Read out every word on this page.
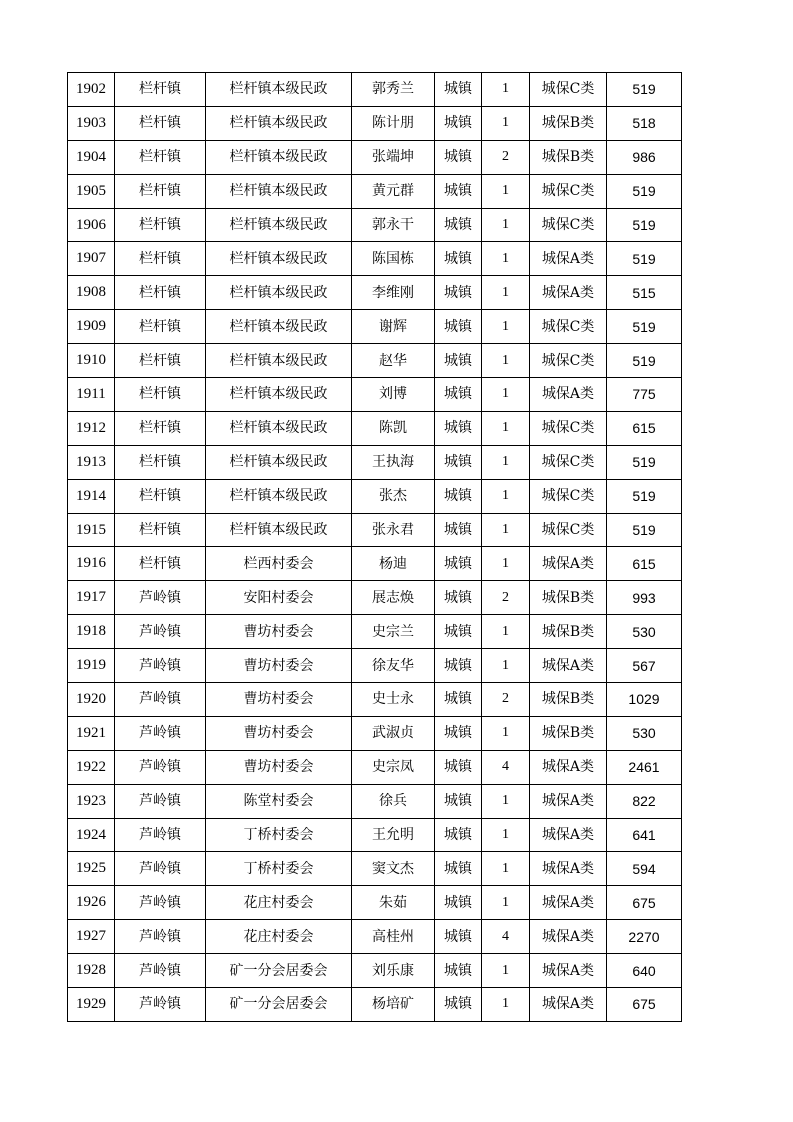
1902	栏杆镇	栏杆镇本级民政	郭秀兰	城镇	1	城保C类	519
1903	栏杆镇	栏杆镇本级民政	陈计朋	城镇	1	城保B类	518
1904	栏杆镇	栏杆镇本级民政	张端坤	城镇	2	城保B类	986
1905	栏杆镇	栏杆镇本级民政	黄元群	城镇	1	城保C类	519
1906	栏杆镇	栏杆镇本级民政	郭永干	城镇	1	城保C类	519
1907	栏杆镇	栏杆镇本级民政	陈国栋	城镇	1	城保A类	519
1908	栏杆镇	栏杆镇本级民政	李维刚	城镇	1	城保A类	515
1909	栏杆镇	栏杆镇本级民政	谢辉	城镇	1	城保C类	519
1910	栏杆镇	栏杆镇本级民政	赵华	城镇	1	城保C类	519
1911	栏杆镇	栏杆镇本级民政	刘博	城镇	1	城保A类	775
1912	栏杆镇	栏杆镇本级民政	陈凯	城镇	1	城保C类	615
1913	栏杆镇	栏杆镇本级民政	王执海	城镇	1	城保C类	519
1914	栏杆镇	栏杆镇本级民政	张杰	城镇	1	城保C类	519
1915	栏杆镇	栏杆镇本级民政	张永君	城镇	1	城保C类	519
1916	栏杆镇	栏西村委会	杨迪	城镇	1	城保A类	615
1917	芦岭镇	安阳村委会	展志焕	城镇	2	城保B类	993
1918	芦岭镇	曹坊村委会	史宗兰	城镇	1	城保B类	530
1919	芦岭镇	曹坊村委会	徐友华	城镇	1	城保A类	567
1920	芦岭镇	曹坊村委会	史士永	城镇	2	城保B类	1029
1921	芦岭镇	曹坊村委会	武淑贞	城镇	1	城保B类	530
1922	芦岭镇	曹坊村委会	史宗凤	城镇	4	城保A类	2461
1923	芦岭镇	陈堂村委会	徐兵	城镇	1	城保A类	822
1924	芦岭镇	丁桥村委会	王允明	城镇	1	城保A类	641
1925	芦岭镇	丁桥村委会	窦文杰	城镇	1	城保A类	594
1926	芦岭镇	花庄村委会	朱茹	城镇	1	城保A类	675
1927	芦岭镇	花庄村委会	高桂州	城镇	4	城保A类	2270
1928	芦岭镇	矿一分会居委会	刘乐康	城镇	1	城保A类	640
1929	芦岭镇	矿一分会居委会	杨培矿	城镇	1	城保A类	675
